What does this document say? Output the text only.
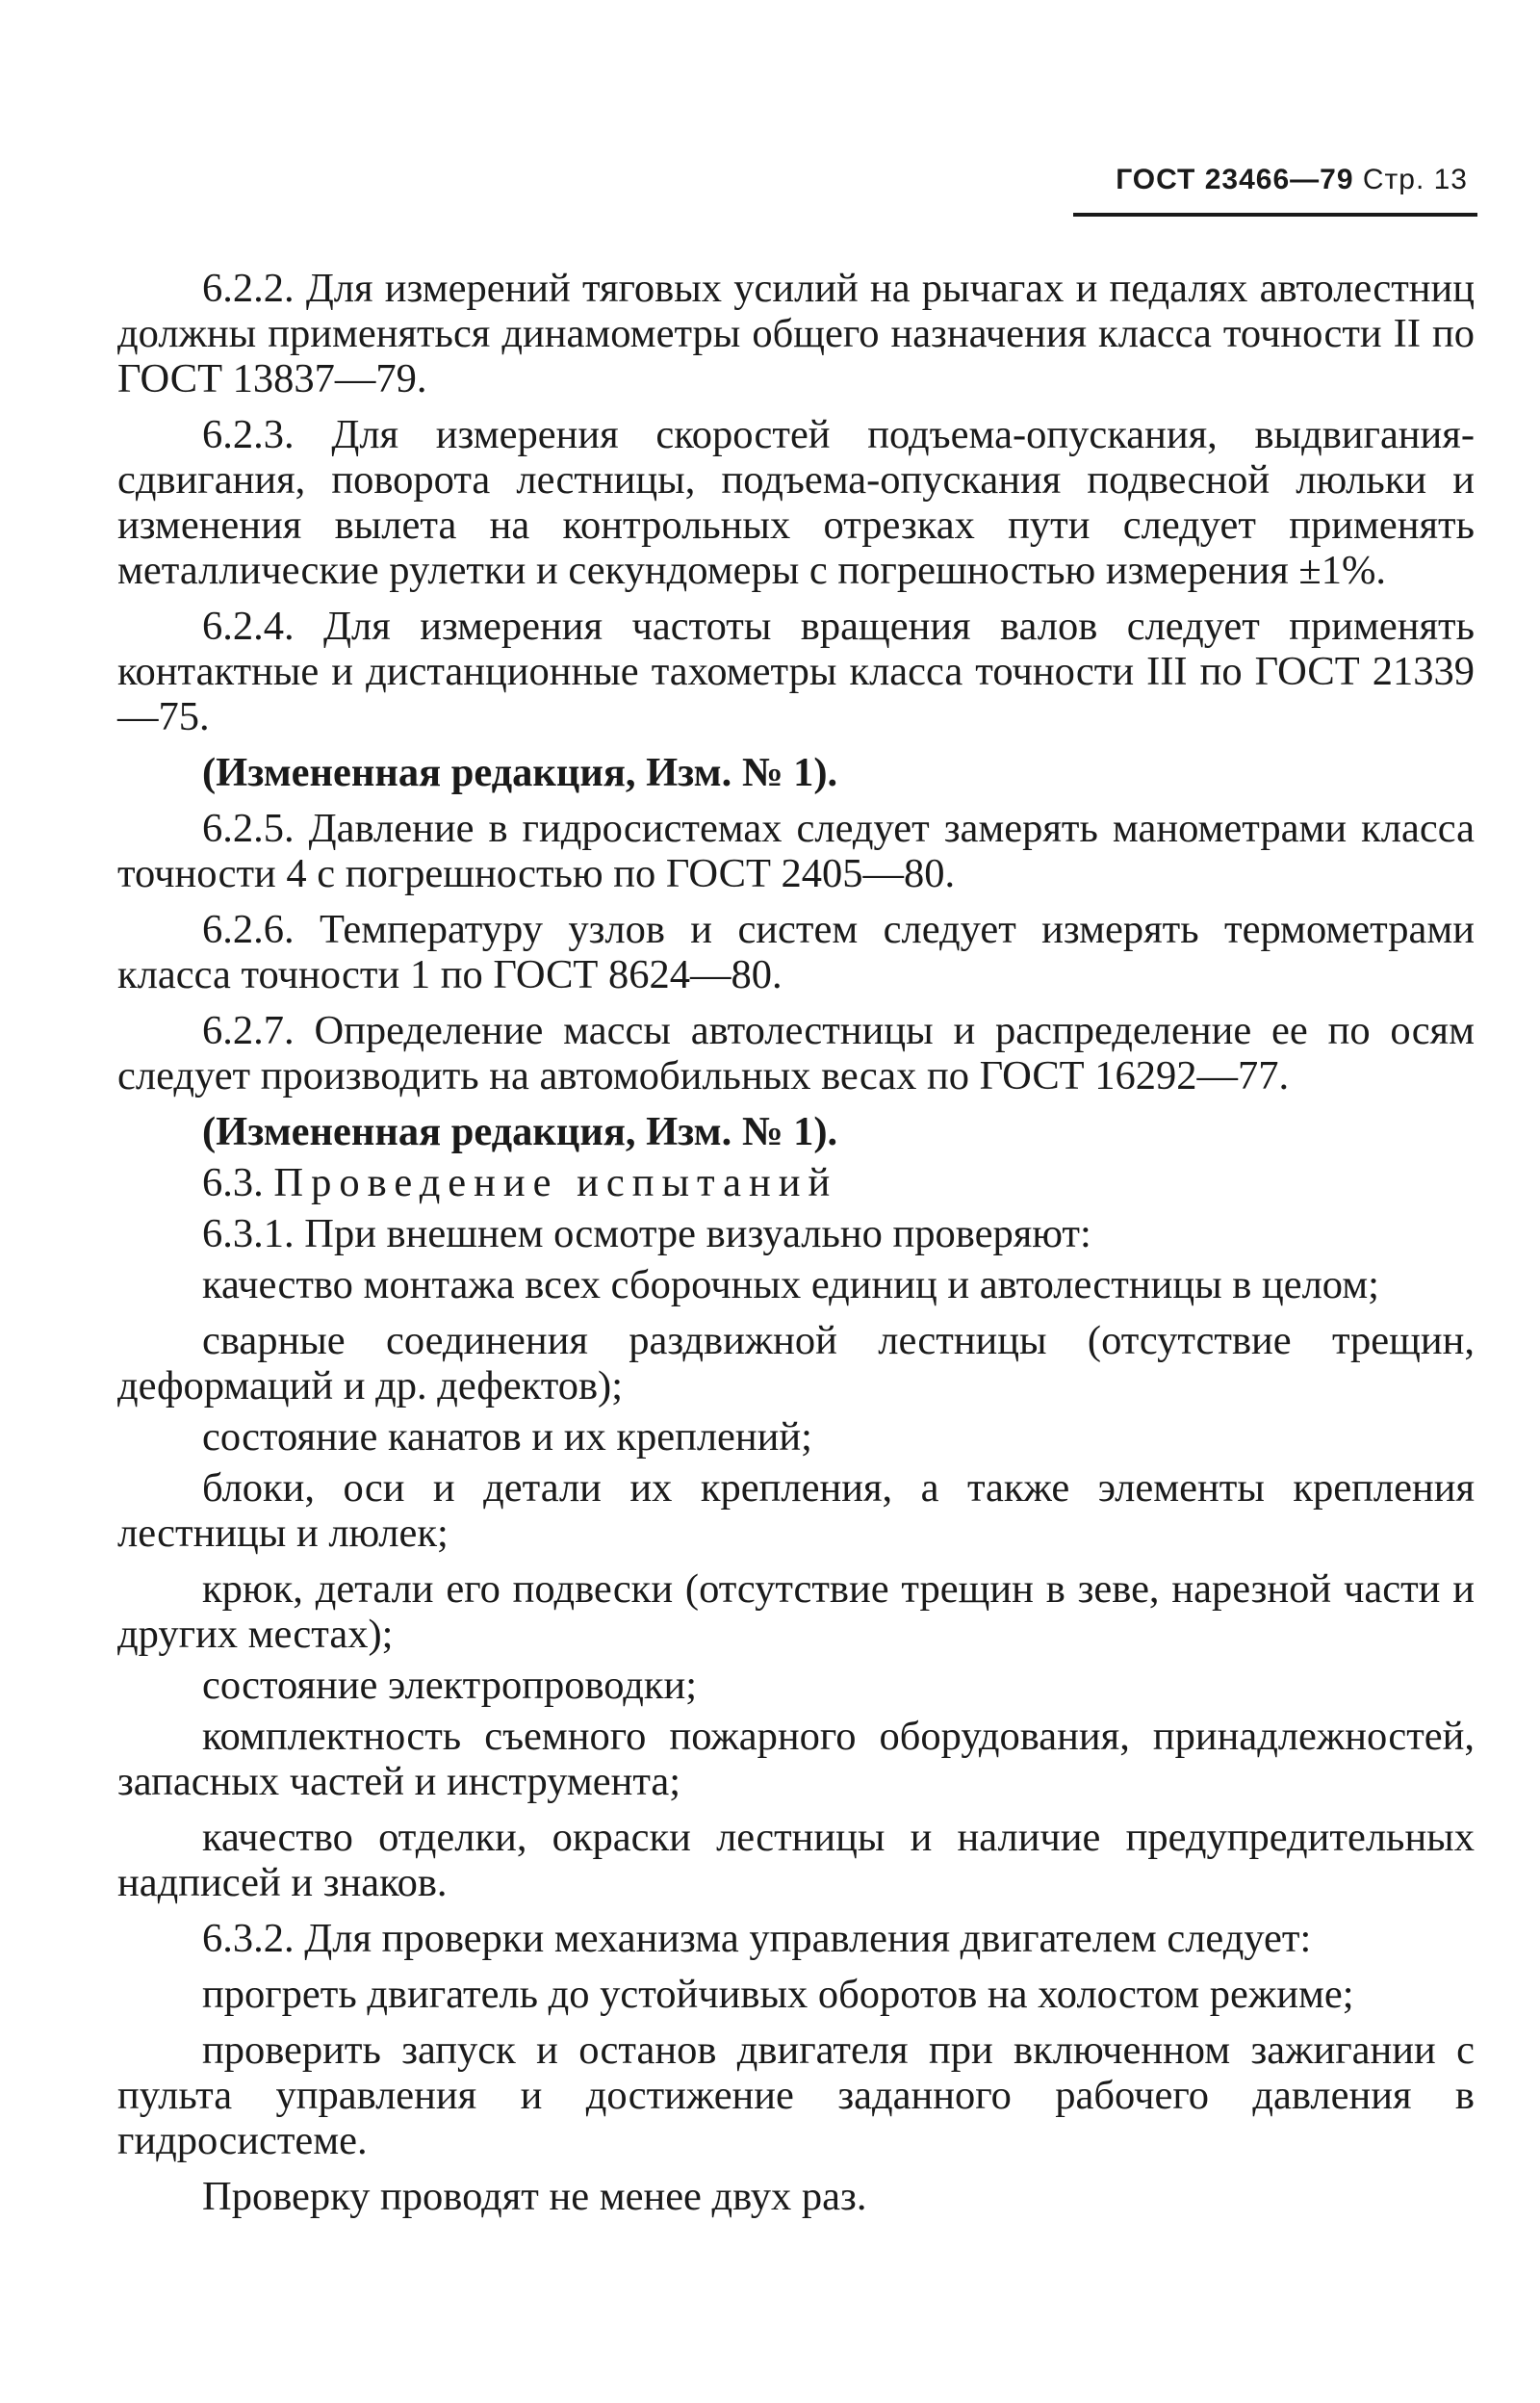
ГОСТ 23466—79 Стр. 13

6.2.2. Для измерений тяговых усилий на рычагах и педалях автолестниц должны применяться динамометры общего назначения класса точности II по ГОСТ 13837—79.

6.2.3. Для измерения скоростей подъема-опускания, выдвигания-сдвигания, поворота лестницы, подъема-опускания подвесной люльки и изменения вылета на контрольных отрезках пути следует применять металлические рулетки и секундомеры с погрешностью измерения ±1%.

6.2.4. Для измерения частоты вращения валов следует применять контактные и дистанционные тахометры класса точности III по ГОСТ 21339—75.

(Измененная редакция, Изм. № 1).

6.2.5. Давление в гидросистемах следует замерять манометрами класса точности 4 с погрешностью по ГОСТ 2405—80.

6.2.6. Температуру узлов и систем следует измерять термометрами класса точности 1 по ГОСТ 8624—80.

6.2.7. Определение массы автолестницы и распределение ее по осям следует производить на автомобильных весах по ГОСТ 16292—77.

(Измененная редакция, Изм. № 1).

6.3. Проведение испытаний

6.3.1. При внешнем осмотре визуально проверяют:

качество монтажа всех сборочных единиц и автолестницы в целом;

сварные соединения раздвижной лестницы (отсутствие трещин, деформаций и др. дефектов);

состояние канатов и их креплений;

блоки, оси и детали их крепления, а также элементы крепления лестницы и люлек;

крюк, детали его подвески (отсутствие трещин в зеве, нарезной части и других местах);

состояние электропроводки;

комплектность съемного пожарного оборудования, принадлежностей, запасных частей и инструмента;

качество отделки, окраски лестницы и наличие предупредительных надписей и знаков.

6.3.2. Для проверки механизма управления двигателем следует:

прогреть двигатель до устойчивых оборотов на холостом режиме;

проверить запуск и останов двигателя при включенном зажигании с пульта управления и достижение заданного рабочего давления в гидросистеме.

Проверку проводят не менее двух раз.
